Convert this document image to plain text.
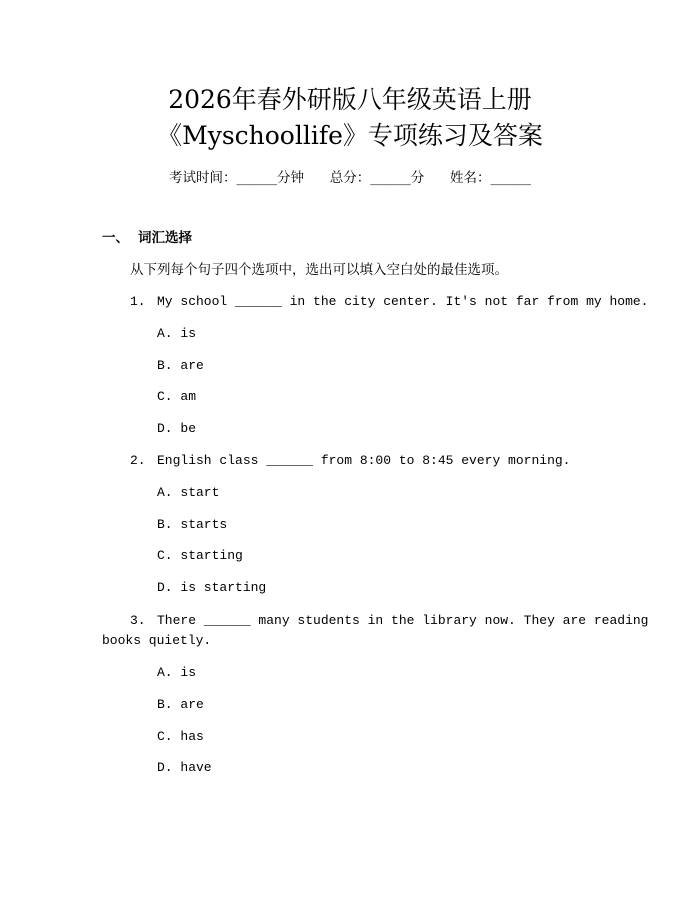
2026年春外研版八年级英语上册
《Myschoollife》专项练习及答案
考试时间：______分钟 总分：______分 姓名：______
一、 词汇选择
从下列每个句子四个选项中，选出可以填入空白处的最佳选项。
1. My school ______ in the city center. It's not far from my home.
A. is
B. are
C. am
D. be
2. English class ______ from 8:00 to 8:45 every morning.
A. start
B. starts
C. starting
D. is starting
3. There ______ many students in the library now. They are reading
books quietly.
A. is
B. are
C. has
D. have
